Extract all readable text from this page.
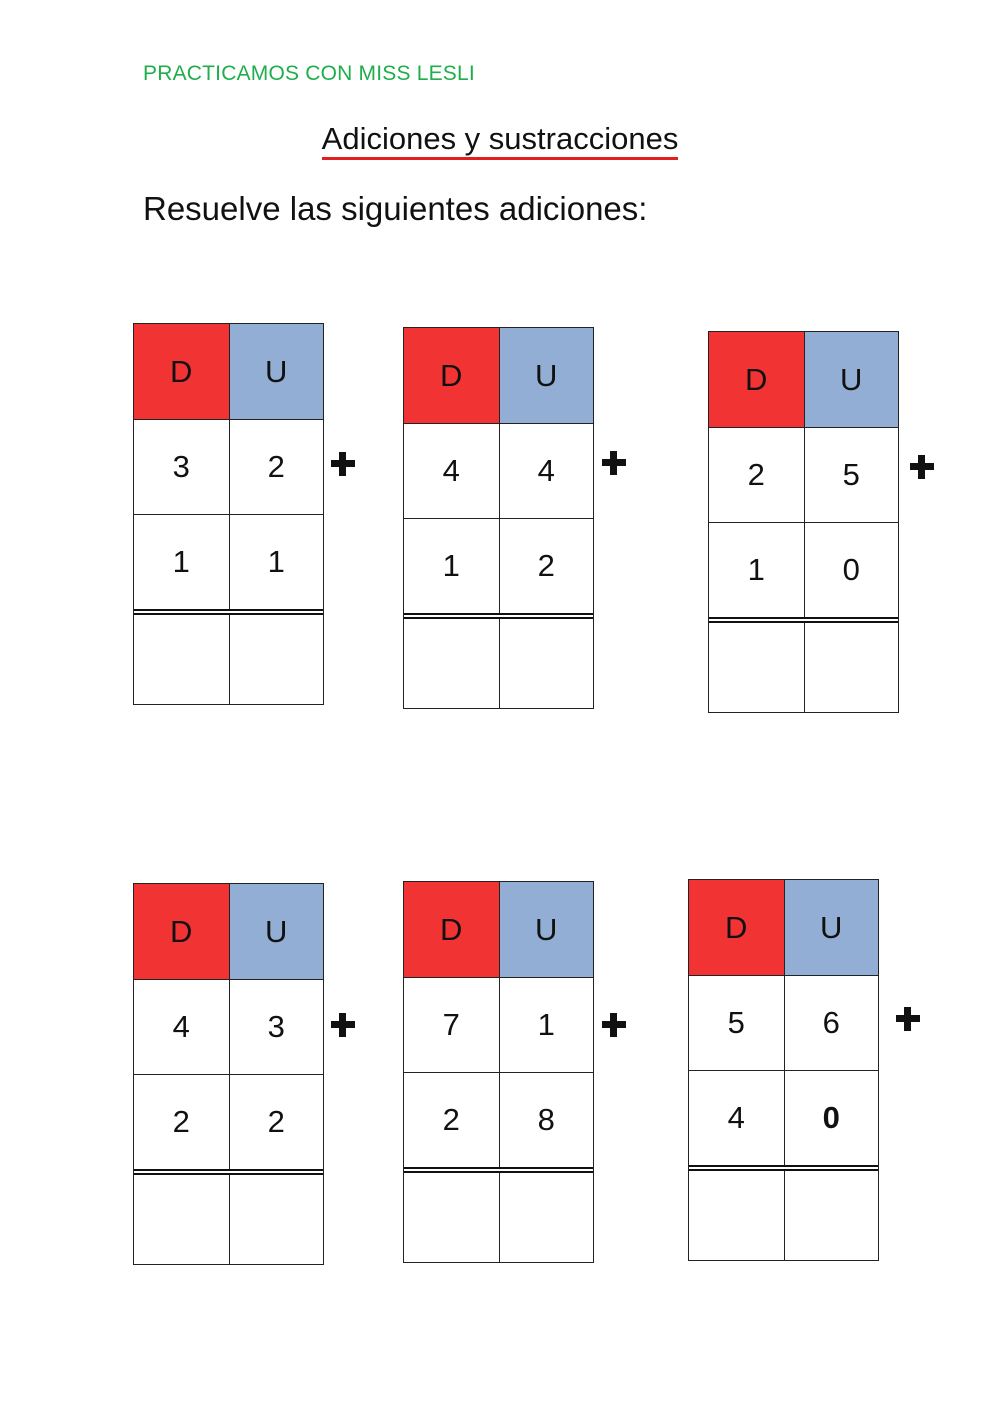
PRACTICAMOS CON MISS LESLI
Adiciones y sustracciones
Resuelve las siguientes adiciones:
D	U
3	2
1	1
D	U
4	4
1	2
D	U
2	5
1	0
D	U
4	3
2	2
D	U
7	1
2	8
D	U
5	6
4	0
